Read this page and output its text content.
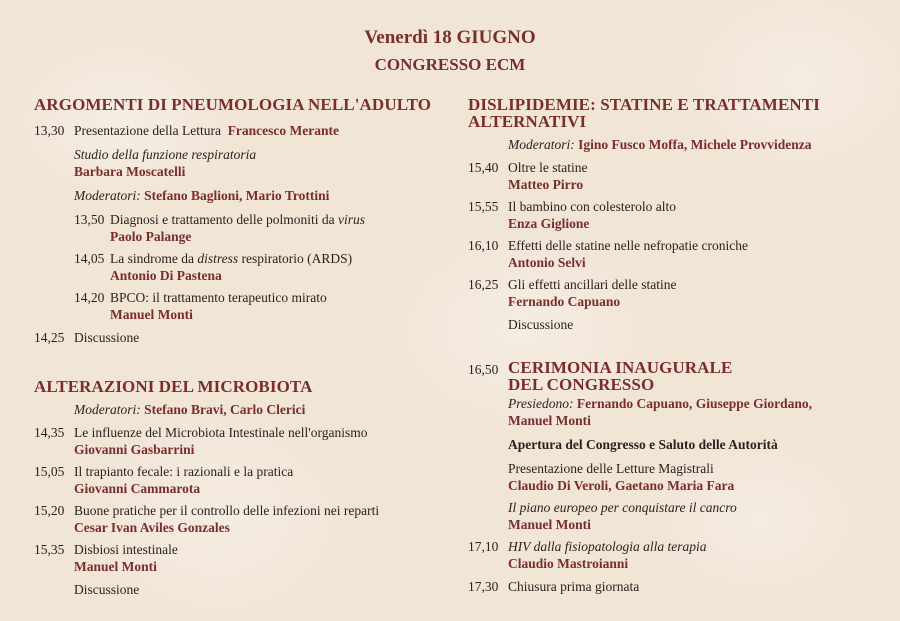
Venerdì 18 GIUGNO
CONGRESSO ECM
ARGOMENTI DI PNEUMOLOGIA NELL'ADULTO
13,30 Presentazione della Lettura Francesco Merante
Studio della funzione respiratoria
Barbara Moscatelli
Moderatori: Stefano Baglioni, Mario Trottini
13,50 Diagnosi e trattamento delle polmoniti da virus
Paolo Palange
14,05 La sindrome da distress respiratorio (ARDS)
Antonio Di Pastena
14,20 BPCO: il trattamento terapeutico mirato
Manuel Monti
14,25 Discussione
ALTERAZIONI DEL MICROBIOTA
Moderatori: Stefano Bravi, Carlo Clerici
14,35 Le influenze del Microbiota Intestinale nell'organismo
Giovanni Gasbarrini
15,05 Il trapianto fecale: i razionali e la pratica
Giovanni Cammarota
15,20 Buone pratiche per il controllo delle infezioni nei reparti
Cesar Ivan Aviles Gonzales
15,35 Disbiosi intestinale
Manuel Monti
Discussione
DISLIPIDEMIE: STATINE E TRATTAMENTI
ALTERNATIVI
Moderatori: Igino Fusco Moffa, Michele Provvidenza
15,40 Oltre le statine
Matteo Pirro
15,55 Il bambino con colesterolo alto
Enza Giglione
16,10 Effetti delle statine nelle nefropatie croniche
Antonio Selvi
16,25 Gli effetti ancillari delle statine
Fernando Capuano
Discussione
16,50 CERIMONIA INAUGURALE
DEL CONGRESSO
Presiedono: Fernando Capuano, Giuseppe Giordano,
Manuel Monti
Apertura del Congresso e Saluto delle Autorità
Presentazione delle Letture Magistrali
Claudio Di Veroli, Gaetano Maria Fara
Il piano europeo per conquistare il cancro
Manuel Monti
17,10 HIV dalla fisiopatologia alla terapia
Claudio Mastroianni
17,30 Chiusura prima giornata
